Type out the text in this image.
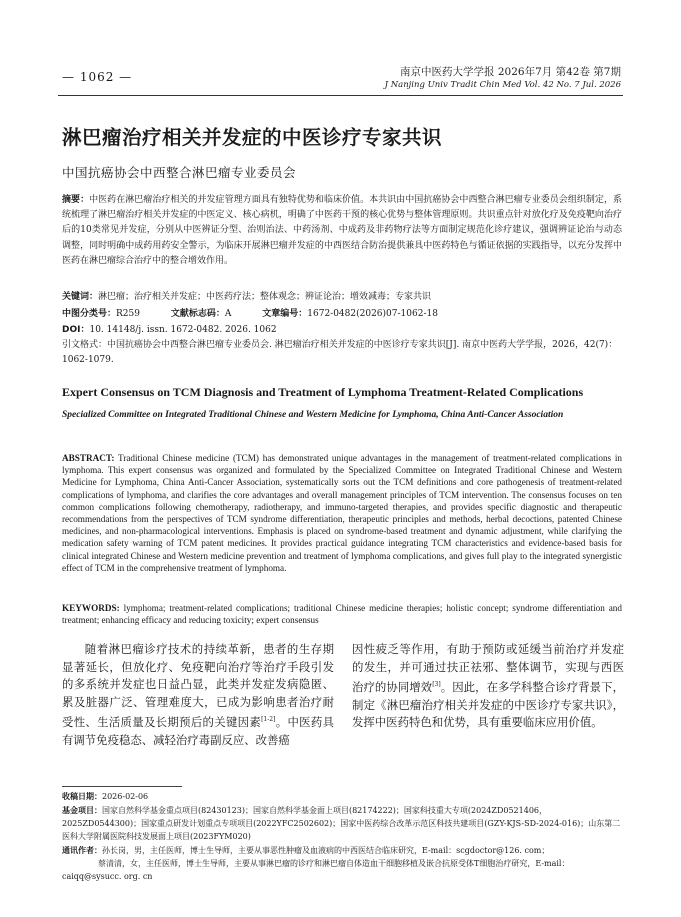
— 1062 —	南京中医药大学学报 2026年7月 第42卷 第7期
J Nanjing Univ Tradit Chin Med Vol. 42 No. 7 Jul. 2026
淋巴瘤治疗相关并发症的中医诊疗专家共识
中国抗癌协会中西整合淋巴瘤专业委员会
摘要：中医药在淋巴瘤治疗相关的并发症管理方面具有独特优势和临床价值。本共识由中国抗癌协会中西整合淋巴瘤专业委员会组织制定，系统梳理了淋巴瘤治疗相关并发症的中医定义、核心病机，明确了中医药干预的核心优势与整体管理原则。共识重点针对放化疗及免疫靶向治疗后的10类常见并发症，分别从中医辨证分型、治则治法、中药汤剂、中成药及非药物疗法等方面制定规范化诊疗建议，强调辨证论治与动态调整，同时明确中成药用药安全警示，为临床开展淋巴瘤并发症的中西医结合防治提供兼具中医药特色与循证依据的实践指导，以充分发挥中医药在淋巴瘤综合治疗中的整合增效作用。
关键词：淋巴瘤；治疗相关并发症；中医药疗法；整体观念；辨证论治；增效减毒；专家共识
中图分类号：R259	文献标志码：A	文章编号：1672-0482(2026)07-1062-18
DOI：10. 14148/j. issn. 1672-0482. 2026. 1062
引文格式：中国抗癌协会中西整合淋巴瘤专业委员会. 淋巴瘤治疗相关并发症的中医诊疗专家共识[J]. 南京中医药大学学报，2026，42(7)：1062-1079.
Expert Consensus on TCM Diagnosis and Treatment of Lymphoma Treatment-Related Complications
Specialized Committee on Integrated Traditional Chinese and Western Medicine for Lymphoma, China Anti-Cancer Association
ABSTRACT: Traditional Chinese medicine (TCM) has demonstrated unique advantages in the management of treatment-related complications in lymphoma. This expert consensus was organized and formulated by the Specialized Committee on Integrated Traditional Chinese and Western Medicine for Lymphoma, China Anti-Cancer Association, systematically sorts out the TCM definitions and core pathogenesis of treatment-related complications of lymphoma, and clarifies the core advantages and overall management principles of TCM intervention. The consensus focuses on ten common complications following chemotherapy, radiotherapy, and immuno-targeted therapies, and provides specific diagnostic and therapeutic recommendations from the perspectives of TCM syndrome differentiation, therapeutic principles and methods, herbal decoctions, patented Chinese medicines, and non-pharmacological interventions. Emphasis is placed on syndrome-based treatment and dynamic adjustment, while clarifying the medication safety warning of TCM patent medicines. It provides practical guidance integrating TCM characteristics and evidence-based basis for clinical integrated Chinese and Western medicine prevention and treatment of lymphoma complications, and gives full play to the integrated synergistic effect of TCM in the comprehensive treatment of lymphoma.
KEYWORDS: lymphoma; treatment-related complications; traditional Chinese medicine therapies; holistic concept; syndrome differentiation and treatment; enhancing efficacy and reducing toxicity; expert consensus

随着淋巴瘤诊疗技术的持续革新，患者的生存期显著延长，但放化疗、免疫靶向治疗等治疗手段引发的多系统并发症也日益凸显，此类并发症发病隐匿、累及脏器广泛、管理难度大，已成为影响患者治疗耐受性、生活质量及长期预后的关键因素[1-2]。中医药具有调节免疫稳态、减轻治疗毒副反应、改善癌

因性疲乏等作用，有助于预防或延缓当前治疗并发症的发生，并可通过扶正祛邪、整体调节，实现与西医治疗的协同增效[3]。因此，在多学科整合诊疗背景下，制定《淋巴瘤治疗相关并发症的中医诊疗专家共识》，发挥中医药特色和优势，具有重要临床应用价值。

收稿日期：2026-02-06
基金项目：国家自然科学基金重点项目(82430123)；国家自然科学基金面上项目(82174222)；国家科技重大专项(2024ZD0521406，2025ZD0544300)；国家重点研发计划重点专项项目(2022YFC2502602)；国家中医药综合改革示范区科技共建项目(GZY-KJS-SD-2024-016)；山东第二医科大学附属医院科技发展面上项目(2023FYM020)
通讯作者：孙长岗，男，主任医师，博士生导师，主要从事恶性肿瘤及血液病的中西医结合临床研究，E-mail：scgdoctor@126. com；
蔡清清，女，主任医师，博士生导师，主要从事淋巴瘤的诊疗和淋巴瘤自体造血干细胞移植及嵌合抗原受体T细胞治疗研究，E-mail：caiqq@sysucc. org. cn
